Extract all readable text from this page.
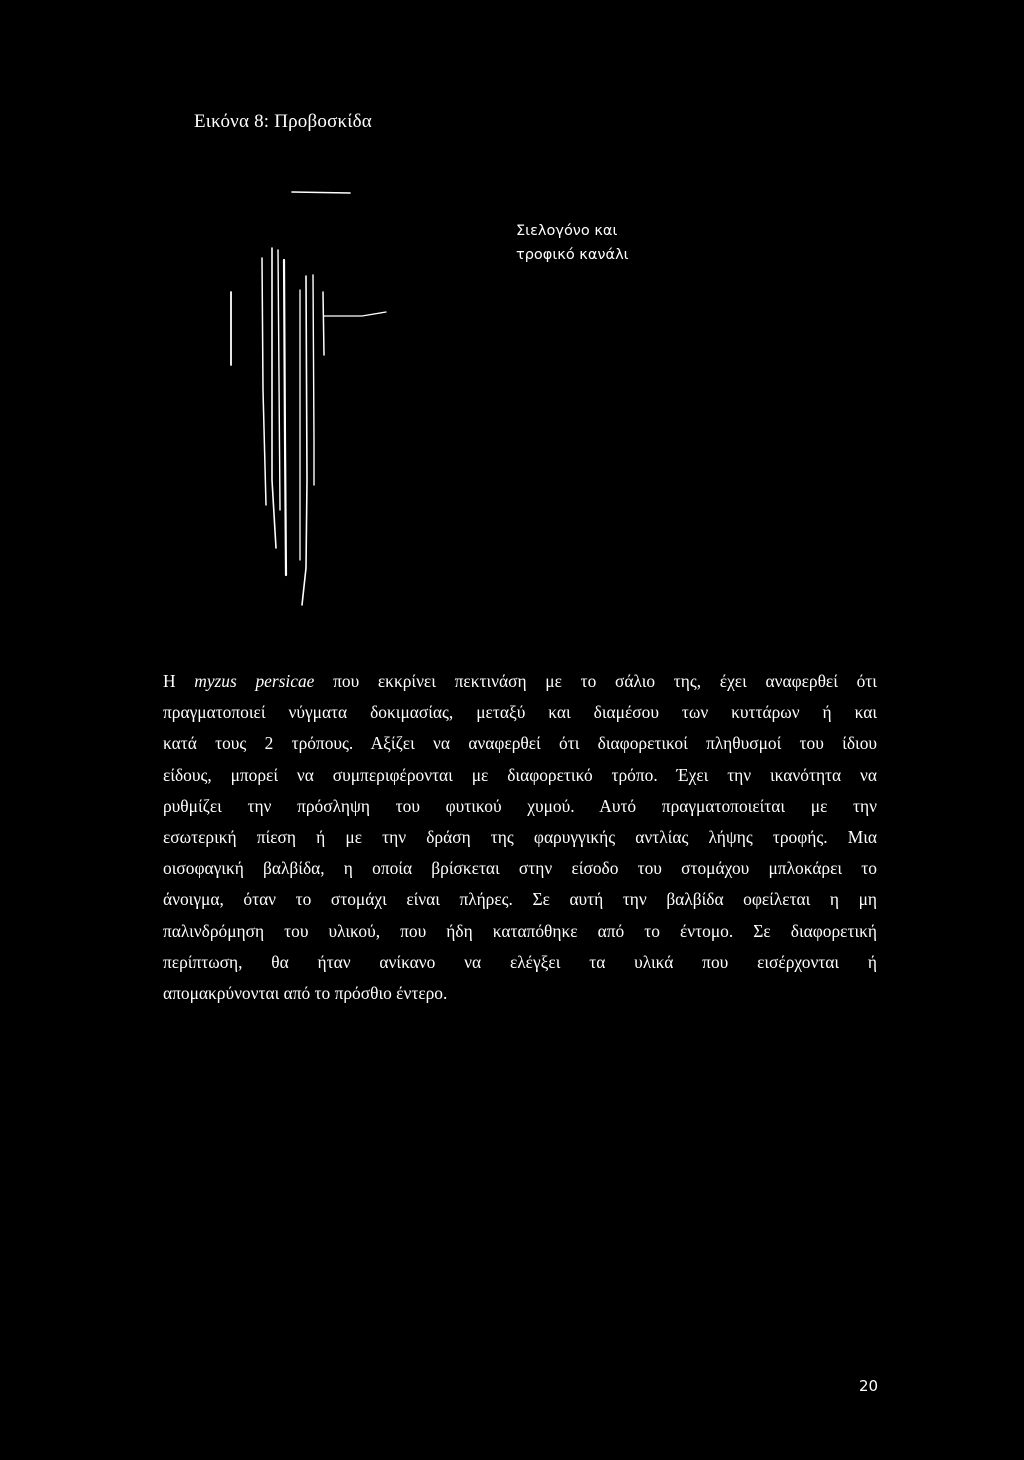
Εικόνα 8: Προβοσκίδα
Σιελογόνο και
τροφικό κανάλι
Η myzus persicae που εκκρίνει πεκτινάση με το σάλιο της, έχει αναφερθεί ότι
πραγματοποιεί νύγματα δοκιμασίας, μεταξύ και διαμέσου των κυττάρων ή και
κατά τους 2 τρόπους. Αξίζει να αναφερθεί ότι διαφορετικοί πληθυσμοί του ίδιου
είδους, μπορεί να συμπεριφέρονται με διαφορετικό τρόπο. Έχει την ικανότητα να
ρυθμίζει την πρόσληψη του φυτικού χυμού. Αυτό πραγματοποιείται με την
εσωτερική πίεση ή με την δράση της φαρυγγικής αντλίας λήψης τροφής. Μια
οισοφαγική βαλβίδα, η οποία βρίσκεται στην είσοδο του στομάχου μπλοκάρει το
άνοιγμα, όταν το στομάχι είναι πλήρες. Σε αυτή την βαλβίδα οφείλεται η μη
παλινδρόμηση του υλικού, που ήδη καταπόθηκε από το έντομο. Σε διαφορετική
περίπτωση, θα ήταν ανίκανο να ελέγξει τα υλικά που εισέρχονται ή
απομακρύνονται από το πρόσθιο έντερο.
20
